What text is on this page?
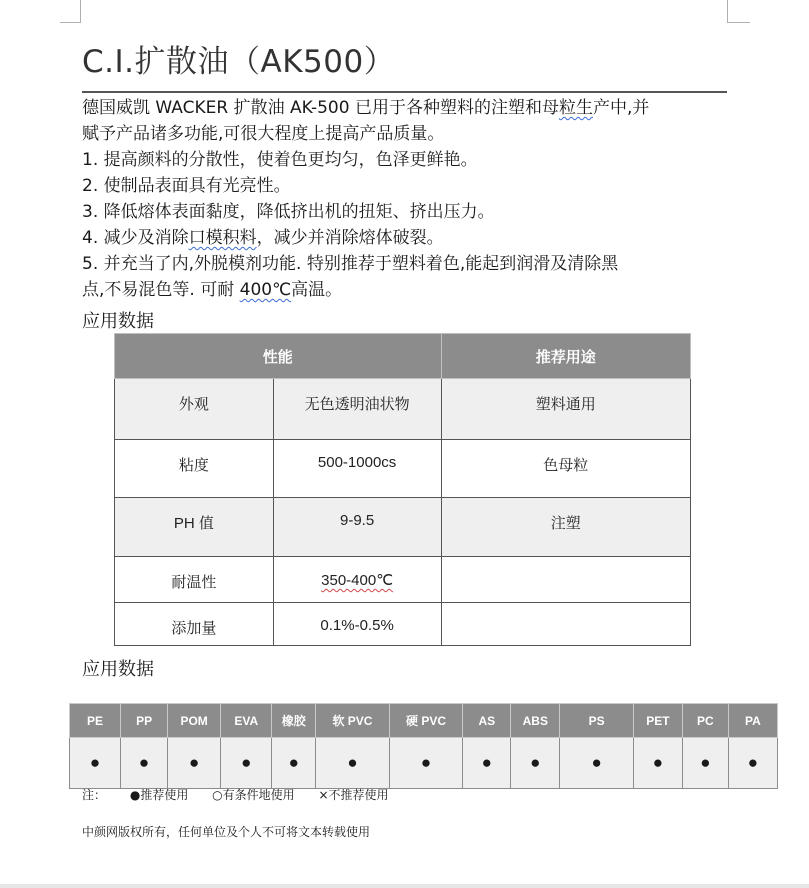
C.I.扩散油（AK500）

德国威凯 WACKER 扩散油 AK-500 已用于各种塑料的注塑和母粒生产中,并

赋予产品诸多功能,可很大程度上提高产品质量。

1. 提高颜料的分散性，使着色更均匀，色泽更鲜艳。

2. 使制品表面具有光亮性。

3. 降低熔体表面黏度，降低挤出机的扭矩、挤出压力。

4. 减少及消除口模积料，减少并消除熔体破裂。

5. 并充当了内,外脱模剂功能. 特别推荐于塑料着色,能起到润滑及清除黑

点,不易混色等. 可耐 400℃高温。

应用数据
性能		推荐用途
外观	无色透明油状物	塑料通用
粘度	500-1000cs	色母粒
PH 值	9-9.5	注塑
耐温性	350-400℃	
添加量	0.1%-0.5%	
应用数据
PE	PP	POM	EVA	橡胶	软 PVC	硬 PVC	AS	ABS	PS	PET	PC	PA
●	●	●	●	●	●	●	●	●	●	●	●	●
注： ●推荐使用 ○有条件地使用 ×不推荐使用
中颜网版权所有，任何单位及个人不可将文本转载使用
